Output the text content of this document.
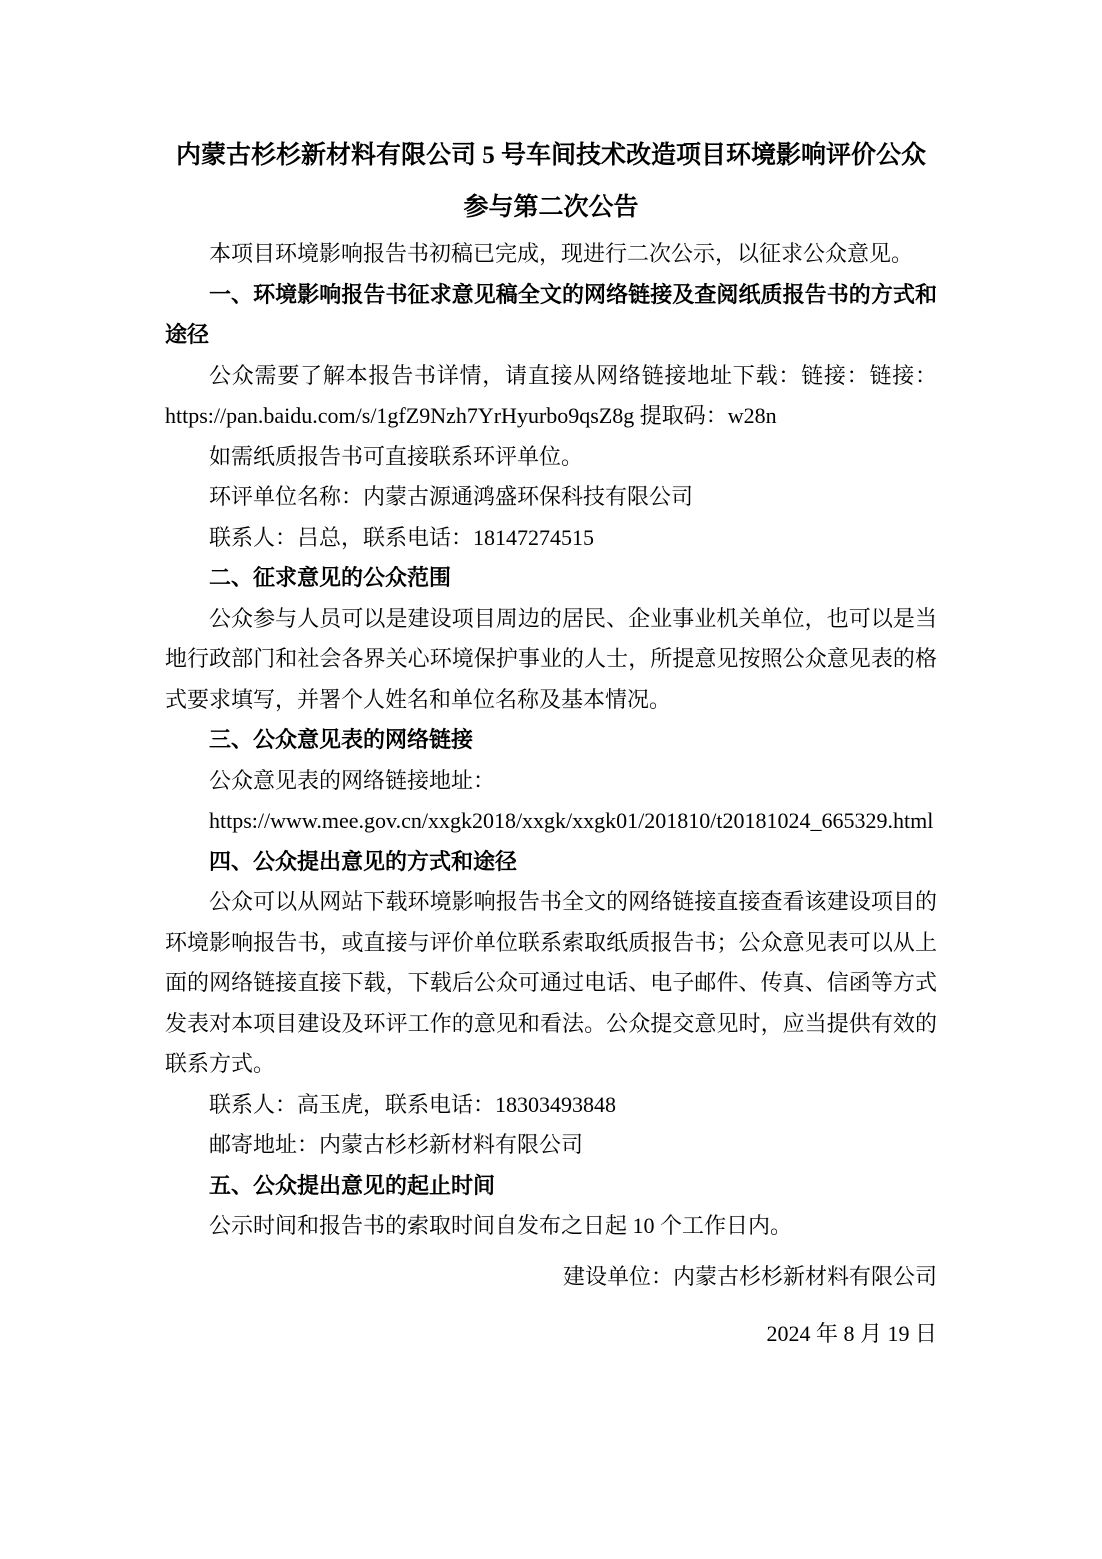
内蒙古杉杉新材料有限公司 5 号车间技术改造项目环境影响评价公众参与第二次公告

本项目环境影响报告书初稿已完成，现进行二次公示，以征求公众意见。

一、环境影响报告书征求意见稿全文的网络链接及查阅纸质报告书的方式和途径

公众需要了解本报告书详情，请直接从网络链接地址下载：链接：链接：https://pan.baidu.com/s/1gfZ9Nzh7YrHyurbo9qsZ8g 提取码：w28n

如需纸质报告书可直接联系环评单位。

环评单位名称：内蒙古源通鸿盛环保科技有限公司

联系人：吕总，联系电话：18147274515

二、征求意见的公众范围

公众参与人员可以是建设项目周边的居民、企业事业机关单位，也可以是当地行政部门和社会各界关心环境保护事业的人士，所提意见按照公众意见表的格式要求填写，并署个人姓名和单位名称及基本情况。

三、公众意见表的网络链接

公众意见表的网络链接地址：

https://www.mee.gov.cn/xxgk2018/xxgk/xxgk01/201810/t20181024_665329.html

四、公众提出意见的方式和途径

公众可以从网站下载环境影响报告书全文的网络链接直接查看该建设项目的环境影响报告书，或直接与评价单位联系索取纸质报告书；公众意见表可以从上面的网络链接直接下载，下载后公众可通过电话、电子邮件、传真、信函等方式发表对本项目建设及环评工作的意见和看法。公众提交意见时，应当提供有效的联系方式。

联系人：高玉虎，联系电话：18303493848

邮寄地址：内蒙古杉杉新材料有限公司

五、公众提出意见的起止时间

公示时间和报告书的索取时间自发布之日起 10 个工作日内。

建设单位：内蒙古杉杉新材料有限公司

2024 年 8 月 19 日
